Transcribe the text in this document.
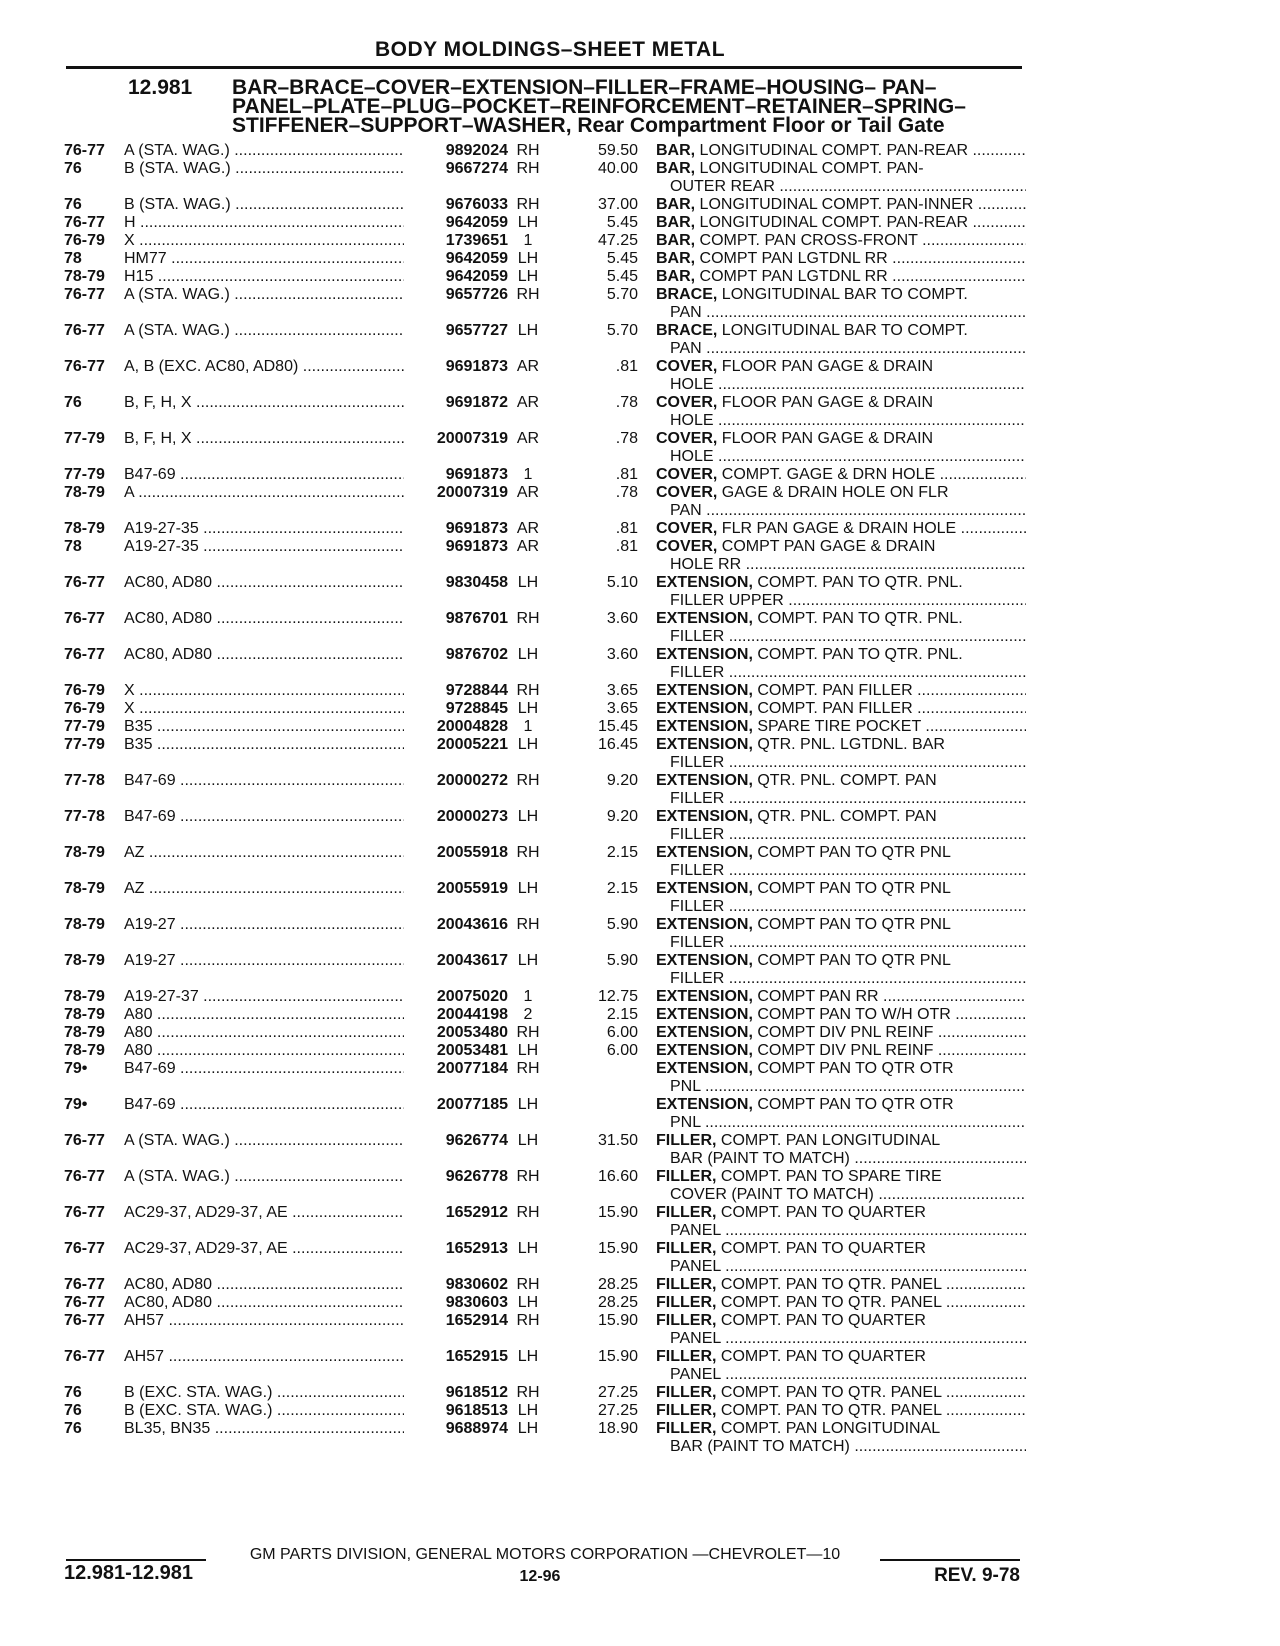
BODY MOLDINGS–SHEET METAL
12.981	BAR–BRACE–COVER–EXTENSION–FILLER–FRAME–HOUSING– PAN–
PANEL–PLATE–PLUG–POCKET–REINFORCEMENT–RETAINER–SPRING–
STIFFENER–SUPPORT–WASHER, Rear Compartment Floor or Tail Gate
76-77	A (STA. WAG.) .....	9892024 RH	59.50 BAR, LONGITUDINAL COMPT. PAN-REAR .....
76	B (STA. WAG.) .....	9667274 RH	40.00 BAR, LONGITUDINAL COMPT. PAN-
OUTER REAR .....
76	B (STA. WAG.) .....	9676033 RH	37.00 BAR, LONGITUDINAL COMPT. PAN-INNER .....
76-77	H .....	9642059 LH	5.45 BAR, LONGITUDINAL COMPT. PAN-REAR .....
76-79	X .....	1739651 1	47.25 BAR, COMPT. PAN CROSS-FRONT .....
78	HM77 .....	9642059 LH	5.45 BAR, COMPT PAN LGTDNL RR .....
78-79	H15 .....	9642059 LH	5.45 BAR, COMPT PAN LGTDNL RR .....
76-77	A (STA. WAG.) .....	9657726 RH	5.70 BRACE, LONGITUDINAL BAR TO COMPT.
PAN .....
76-77	A (STA. WAG.) .....	9657727 LH	5.70 BRACE, LONGITUDINAL BAR TO COMPT.
PAN .....
76-77	A, B (EXC. AC80, AD80) .....	9691873 AR	.81 COVER, FLOOR PAN GAGE & DRAIN
HOLE .....
76	B, F, H, X .....	9691872 AR	.78 COVER, FLOOR PAN GAGE & DRAIN
HOLE .....
77-79	B, F, H, X .....	20007319 AR	.78 COVER, FLOOR PAN GAGE & DRAIN
HOLE .....
77-79	B47-69 .....	9691873 1	.81 COVER, COMPT. GAGE & DRN HOLE .....
78-79	A .....	20007319 AR	.78 COVER, GAGE & DRAIN HOLE ON FLR
PAN .....
78-79	A19-27-35 .....	9691873 AR	.81 COVER, FLR PAN GAGE & DRAIN HOLE .....
78	A19-27-35 .....	9691873 AR	.81 COVER, COMPT PAN GAGE & DRAIN
HOLE RR .....
76-77	AC80, AD80 .....	9830458 LH	5.10 EXTENSION, COMPT. PAN TO QTR. PNL.
FILLER UPPER .....
76-77	AC80, AD80 .....	9876701 RH	3.60 EXTENSION, COMPT. PAN TO QTR. PNL.
FILLER .....
76-77	AC80, AD80 .....	9876702 LH	3.60 EXTENSION, COMPT. PAN TO QTR. PNL.
FILLER .....
76-79	X .....	9728844 RH	3.65 EXTENSION, COMPT. PAN FILLER .....
76-79	X .....	9728845 LH	3.65 EXTENSION, COMPT. PAN FILLER .....
77-79	B35 .....	20004828 1	15.45 EXTENSION, SPARE TIRE POCKET .....
77-79	B35 .....	20005221 LH	16.45 EXTENSION, QTR. PNL. LGTDNL. BAR
FILLER .....
77-78	B47-69 .....	20000272 RH	9.20 EXTENSION, QTR. PNL. COMPT. PAN
FILLER .....
77-78	B47-69 .....	20000273 LH	9.20 EXTENSION, QTR. PNL. COMPT. PAN
FILLER .....
78-79	AZ .....	20055918 RH	2.15 EXTENSION, COMPT PAN TO QTR PNL
FILLER .....
78-79	AZ .....	20055919 LH	2.15 EXTENSION, COMPT PAN TO QTR PNL
FILLER .....
78-79	A19-27 .....	20043616 RH	5.90 EXTENSION, COMPT PAN TO QTR PNL
FILLER .....
78-79	A19-27 .....	20043617 LH	5.90 EXTENSION, COMPT PAN TO QTR PNL
FILLER .....
78-79	A19-27-37 .....	20075020 1	12.75 EXTENSION, COMPT PAN RR .....
78-79	A80 .....	20044198 2	2.15 EXTENSION, COMPT PAN TO W/H OTR .....
78-79	A80 .....	20053480 RH	6.00 EXTENSION, COMPT DIV PNL REINF .....
78-79	A80 .....	20053481 LH	6.00 EXTENSION, COMPT DIV PNL REINF .....
79•	B47-69 .....	20077184 RH	EXTENSION, COMPT PAN TO QTR OTR
PNL .....
79•	B47-69 .....	20077185 LH	EXTENSION, COMPT PAN TO QTR OTR
PNL .....
76-77	A (STA. WAG.) .....	9626774 LH	31.50 FILLER, COMPT. PAN LONGITUDINAL
BAR (PAINT TO MATCH) .....
76-77	A (STA. WAG.) .....	9626778 RH	16.60 FILLER, COMPT. PAN TO SPARE TIRE
COVER (PAINT TO MATCH) .....
76-77	AC29-37, AD29-37, AE .....	1652912 RH	15.90 FILLER, COMPT. PAN TO QUARTER
PANEL .....
76-77	AC29-37, AD29-37, AE .....	1652913 LH	15.90 FILLER, COMPT. PAN TO QUARTER
PANEL .....
76-77	AC80, AD80 .....	9830602 RH	28.25 FILLER, COMPT. PAN TO QTR. PANEL .....
76-77	AC80, AD80 .....	9830603 LH	28.25 FILLER, COMPT. PAN TO QTR. PANEL .....
76-77	AH57 .....	1652914 RH	15.90 FILLER, COMPT. PAN TO QUARTER
PANEL .....
76-77	AH57 .....	1652915 LH	15.90 FILLER, COMPT. PAN TO QUARTER
PANEL .....
76	B (EXC. STA. WAG.) .....	9618512 RH	27.25 FILLER, COMPT. PAN TO QTR. PANEL .....
76	B (EXC. STA. WAG.) .....	9618513 LH	27.25 FILLER, COMPT. PAN TO QTR. PANEL .....
76	BL35, BN35 .....	9688974 LH	18.90 FILLER, COMPT. PAN LONGITUDINAL
BAR (PAINT TO MATCH) .....
GM PARTS DIVISION, GENERAL MOTORS CORPORATION —CHEVROLET—10
12.981-12.981	12-96	REV. 9-78
